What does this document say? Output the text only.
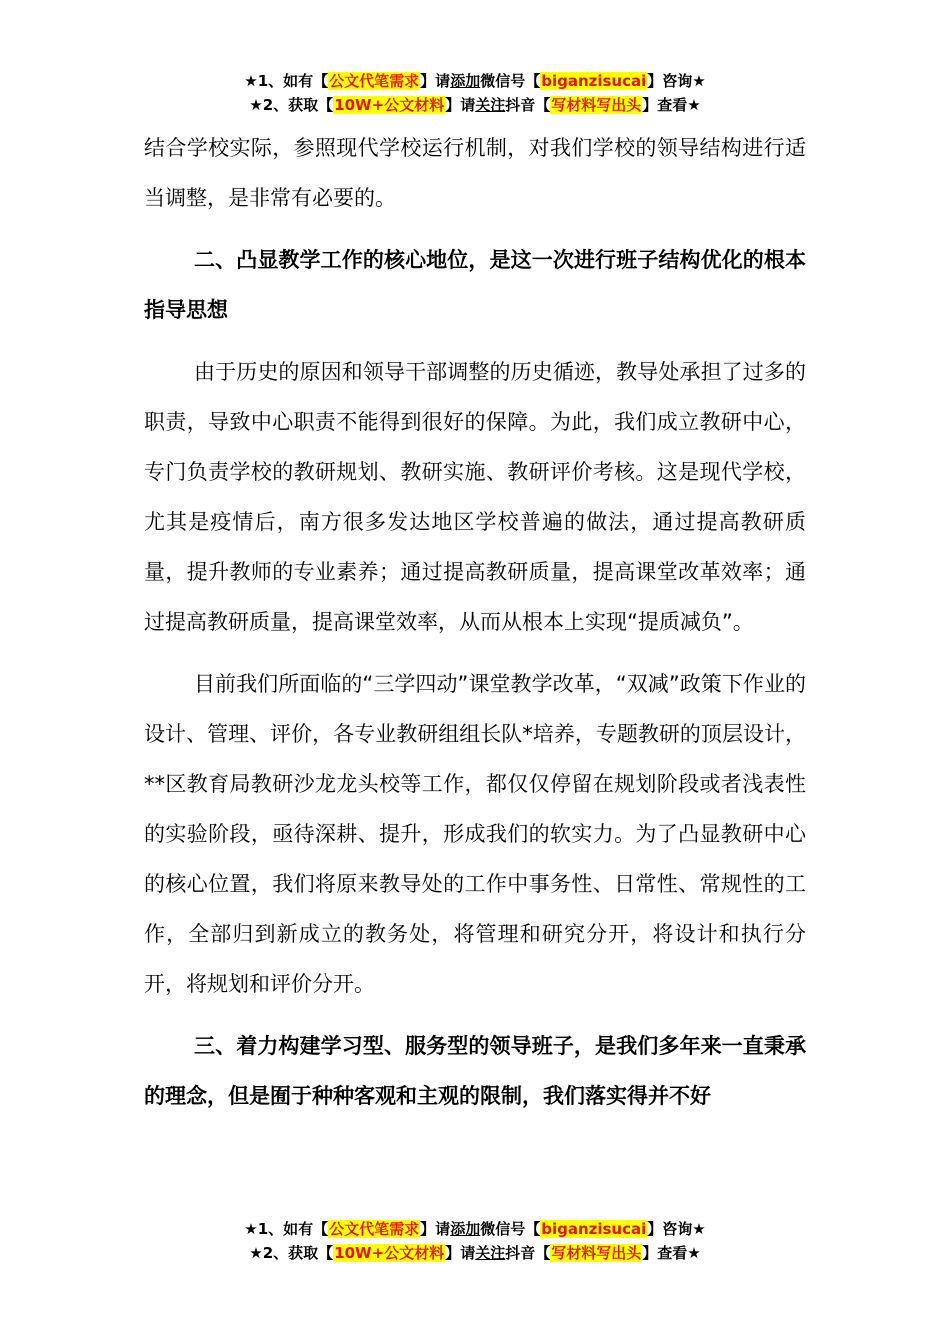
★1、如有【公文代笔需求】请添加微信号【biganzisucai】咨询★
★2、获取【10W+公文材料】请关注抖音【写材料写出头】查看★

结合学校实际，参照现代学校运行机制，对我们学校的领导结构进行适当调整，是非常有必要的。

二、凸显教学工作的核心地位，是这一次进行班子结构优化的根本指导思想

由于历史的原因和领导干部调整的历史循迹，教导处承担了过多的职责，导致中心职责不能得到很好的保障。为此，我们成立教研中心，专门负责学校的教研规划、教研实施、教研评价考核。这是现代学校，尤其是疫情后，南方很多发达地区学校普遍的做法，通过提高教研质量，提升教师的专业素养；通过提高教研质量，提高课堂改革效率；通过提高教研质量，提高课堂效率，从而从根本上实现“提质减负”。

目前我们所面临的“三学四动”课堂教学改革，“双减”政策下作业的设计、管理、评价，各专业教研组组长队*培养，专题教研的顶层设计，**区教育局教研沙龙龙头校等工作，都仅仅停留在规划阶段或者浅表性的实验阶段，亟待深耕、提升，形成我们的软实力。为了凸显教研中心的核心位置，我们将原来教导处的工作中事务性、日常性、常规性的工作，全部归到新成立的教务处，将管理和研究分开，将设计和执行分开，将规划和评价分开。

三、着力构建学习型、服务型的领导班子，是我们多年来一直秉承的理念，但是囿于种种客观和主观的限制，我们落实得并不好

★1、如有【公文代笔需求】请添加微信号【biganzisucai】咨询★
★2、获取【10W+公文材料】请关注抖音【写材料写出头】查看★
